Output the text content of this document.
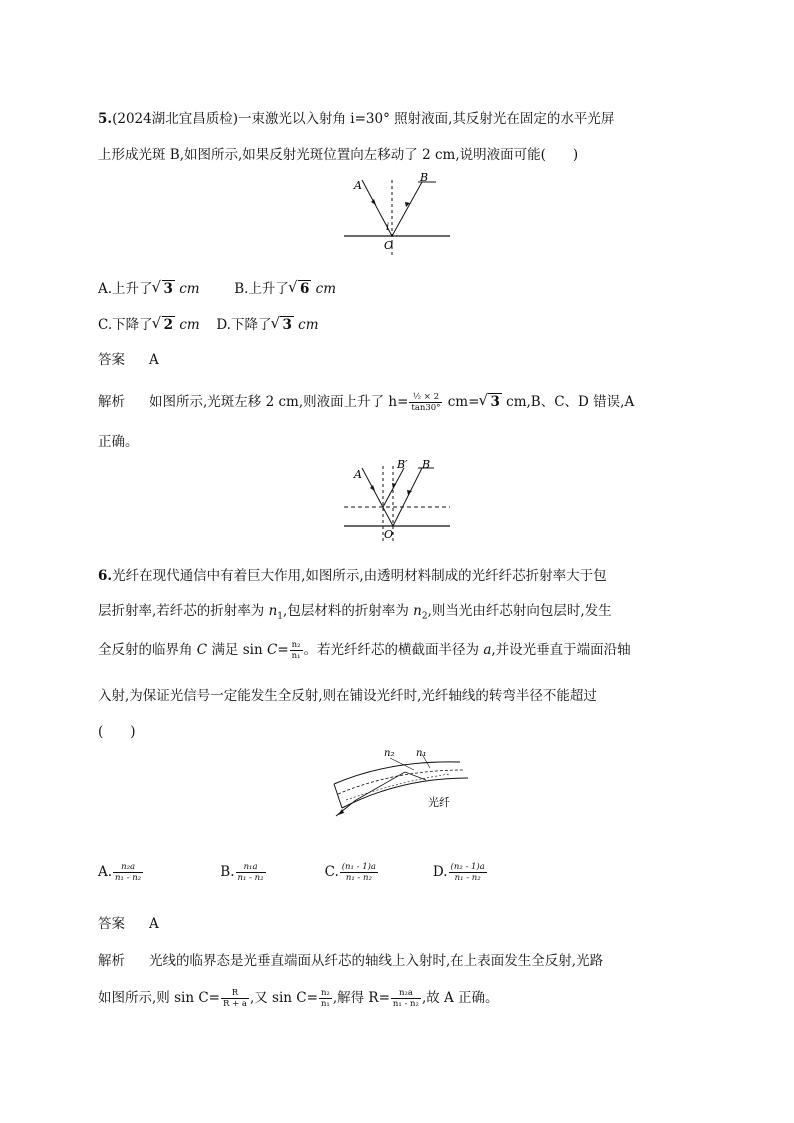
5.(2024湖北宜昌质检)一束激光以入射角 i=30° 照射液面,其反射光在固定的水平光屏
上形成光斑 B,如图所示,如果反射光斑位置向左移动了 2 cm,说明液面可能(　　)
A
B
i
O
A.上升了√ 3 cm	B.上升了√ 6 cm
C.下降了√ 2 cm D.下降了√ 3 cm
答案 A
解析 如图所示,光斑左移 2 cm,则液面上升了 $h= \frac{\text{½ × 2}}{\tan 30^\circ} cm=√$ 3 cm,B、C、D 错误,A
正确。
A
B′ B
O
6.光纤在现代通信中有着巨大作用,如图所示,由透明材料制成的光纤纤芯折射率大于包
层折射率,若纤芯的折射率为 $n_1$,包层材料的折射率为 $n_2$,则当光由纤芯射向包层时,发生
全反射的临界角 C 满足 $\sin C= \frac{\text{n₂}}{\text{n₁}}$ 。若光纤纤芯的横截面半径为 a,并设光垂直于端面沿轴
入射,为保证光信号一定能发生全反射,则在铺设光纤时,光纤轴线的转弯半径不能超过
(　　)
n₂ n₁
光纤
A. $\frac{\text{n₂a}}{\text{n₁ - n₂}}$	B. $\frac{\text{n₁a}}{\text{n₁ - n₂}}$	C. $\frac{\text{(n₁ - 1)a}}{\text{n₁ - n₂}}$	D. $\frac{\text{(n₂ - 1)a}}{\text{n₁ - n₂}}$
答案 A
解析 光线的临界态是光垂直端面从纤芯的轴线上入射时,在上表面发生全反射,光路
如图所示,则 $\sin C= \frac{R}{R + a}$ ,又 $\sin C= \frac{\text{n₂}}{\text{n₁}}$ ,解得 $R= \frac{\text{n₂a}}{\text{n₁ - n₂}}$ ,故 A 正确。
